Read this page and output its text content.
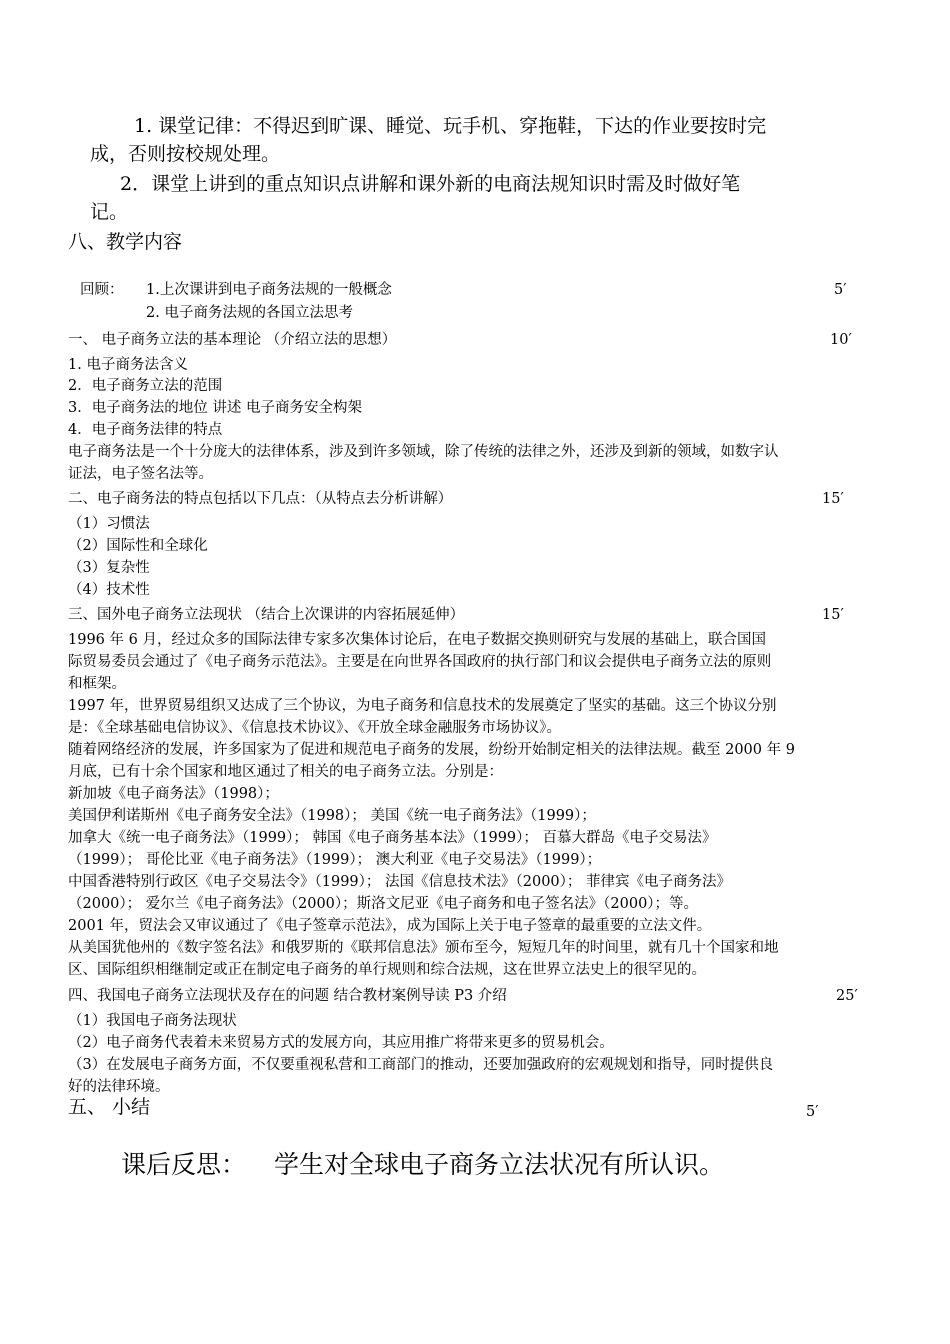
1. 课堂记律：不得迟到旷课、睡觉、玩手机、穿拖鞋，下达的作业要按时完
成，否则按校规处理。
2．课堂上讲到的重点知识点讲解和课外新的电商法规知识时需及时做好笔
记。
八、教学内容
回顾： 1.上次课讲到电子商务法规的一般概念	5′
2. 电子商务法规的各国立法思考
一、 电子商务立法的基本理论 （介绍立法的思想）	10′
1. 电子商务法含义
2．电子商务立法的范围
3．电子商务法的地位 讲述 电子商务安全构架
4．电子商务法律的特点
电子商务法是一个十分庞大的法律体系，涉及到许多领域，除了传统的法律之外，还涉及到新的领域，如数字认
证法，电子签名法等。
二、电子商务法的特点包括以下几点：（从特点去分析讲解）	15′
（1）习惯法
（2）国际性和全球化
（3）复杂性
（4）技术性
三、国外电子商务立法现状 （结合上次课讲的内容拓展延伸）	15′
1996 年 6 月，经过众多的国际法律专家多次集体讨论后，在电子数据交换则研究与发展的基础上，联合国国
际贸易委员会通过了《电子商务示范法》。主要是在向世界各国政府的执行部门和议会提供电子商务立法的原则
和框架。
1997 年，世界贸易组织又达成了三个协议，为电子商务和信息技术的发展奠定了坚实的基础。这三个协议分别
是：《全球基础电信协议》、《信息技术协议》、《开放全球金融服务市场协议》。
随着网络经济的发展，许多国家为了促进和规范电子商务的发展，纷纷开始制定相关的法律法规。截至 2000 年 9
月底，已有十余个国家和地区通过了相关的电子商务立法。分别是：
新加坡《电子商务法》（1998）；
美国伊利诺斯州《电子商务安全法》（1998）； 美国《统一电子商务法》（1999）；
加拿大《统一电子商务法》（1999）； 韩国《电子商务基本法》（1999）； 百慕大群岛《电子交易法》
（1999）； 哥伦比亚《电子商务法》（1999）； 澳大利亚《电子交易法》（1999）；
中国香港特别行政区《电子交易法令》（1999）； 法国《信息技术法》（2000）； 菲律宾《电子商务法》
（2000）； 爱尔兰《电子商务法》（2000）；斯洛文尼亚《电子商务和电子签名法》（2000）；等。
2001 年，贸法会又审议通过了《电子签章示范法》，成为国际上关于电子签章的最重要的立法文件。
从美国犹他州的《数字签名法》和俄罗斯的《联邦信息法》颁布至今，短短几年的时间里，就有几十个国家和地
区、国际组织相继制定或正在制定电子商务的单行规则和综合法规，这在世界立法史上的很罕见的。
四、我国电子商务立法现状及存在的问题 结合教材案例导读 P3 介绍	25′
（1）我国电子商务法现状
（2）电子商务代表着未来贸易方式的发展方向，其应用推广将带来更多的贸易机会。
（3）在发展电子商务方面，不仅要重视私营和工商部门的推动，还要加强政府的宏观规划和指导，同时提供良
好的法律环境。
五、 小结	5′
课后反思： 学生对全球电子商务立法状况有所认识。
